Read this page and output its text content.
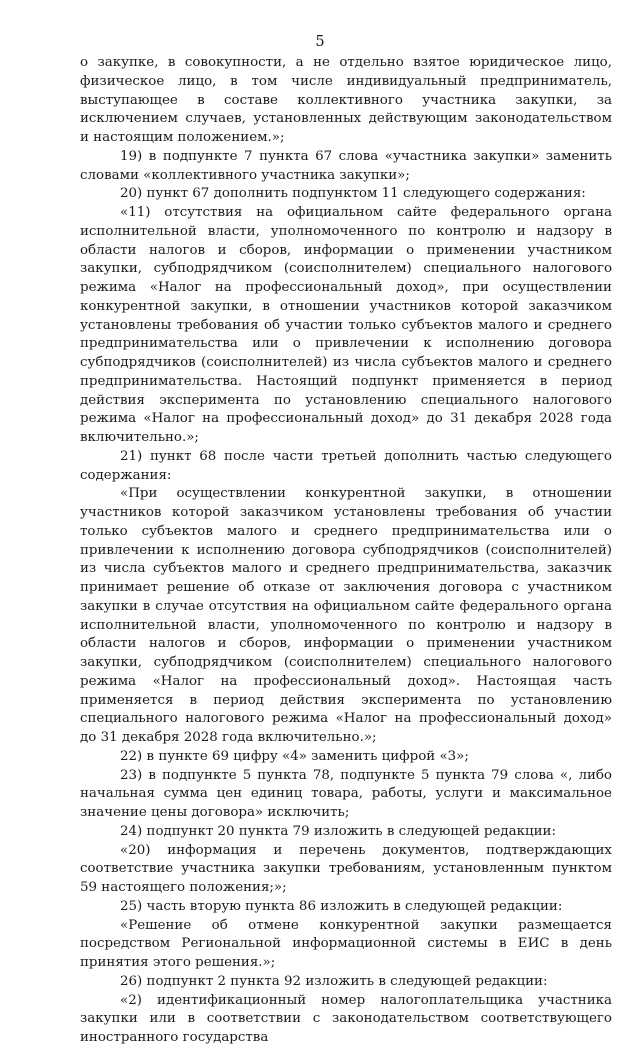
5

о закупке, в совокупности, а не отдельно взятое юридическое лицо, физическое лицо, в том числе индивидуальный предприниматель, выступающее в составе коллективного участника закупки, за исключением случаев, установленных действующим законодательством и настоящим положением.»;

19) в подпункте 7 пункта 67 слова «участника закупки» заменить словами «коллективного участника закупки»;

20) пункт 67 дополнить подпунктом 11 следующего содержания:

«11) отсутствия на официальном сайте федерального органа исполнительной власти, уполномоченного по контролю и надзору в области налогов и сборов, информации о применении участником закупки, субподрядчиком (соисполнителем) специального налогового режима «Налог на профессиональный доход», при осуществлении конкурентной закупки, в отношении участников которой заказчиком установлены требования об участии только субъектов малого и среднего предпринимательства или о привлечении к исполнению договора субподрядчиков (соисполнителей) из числа субъектов малого и среднего предпринимательства. Настоящий подпункт применяется в период действия эксперимента по установлению специального налогового режима «Налог на профессиональный доход» до 31 декабря 2028 года включительно.»;

21) пункт 68 после части третьей дополнить частью следующего содержания:

«При осуществлении конкурентной закупки, в отношении участников которой заказчиком установлены требования об участии только субъектов малого и среднего предпринимательства или о привлечении к исполнению договора субподрядчиков (соисполнителей) из числа субъектов малого и среднего предпринимательства, заказчик принимает решение об отказе от заключения договора с участником закупки в случае отсутствия на официальном сайте федерального органа исполнительной власти, уполномоченного по контролю и надзору в области налогов и сборов, информации о применении участником закупки, субподрядчиком (соисполнителем) специального налогового режима «Налог на профессиональный доход». Настоящая часть применяется в период действия эксперимента по установлению специального налогового режима «Налог на профессиональный доход» до 31 декабря 2028 года включительно.»;

22) в пункте 69 цифру «4» заменить цифрой «3»;

23) в подпункте 5 пункта 78, подпункте 5 пункта 79 слова «, либо начальная сумма цен единиц товара, работы, услуги и максимальное значение цены договора» исключить;

24) подпункт 20 пункта 79 изложить в следующей редакции:

«20) информация и перечень документов, подтверждающих соответствие участника закупки требованиям, установленным пунктом 59 настоящего положения;»;

25) часть вторую пункта 86 изложить в следующей редакции:

«Решение об отмене конкурентной закупки размещается посредством Региональной информационной системы в ЕИС в день принятия этого решения.»;

26) подпункт 2 пункта 92 изложить в следующей редакции:

«2) идентификационный номер налогоплательщика участника закупки или в соответствии с законодательством соответствующего иностранного государства
